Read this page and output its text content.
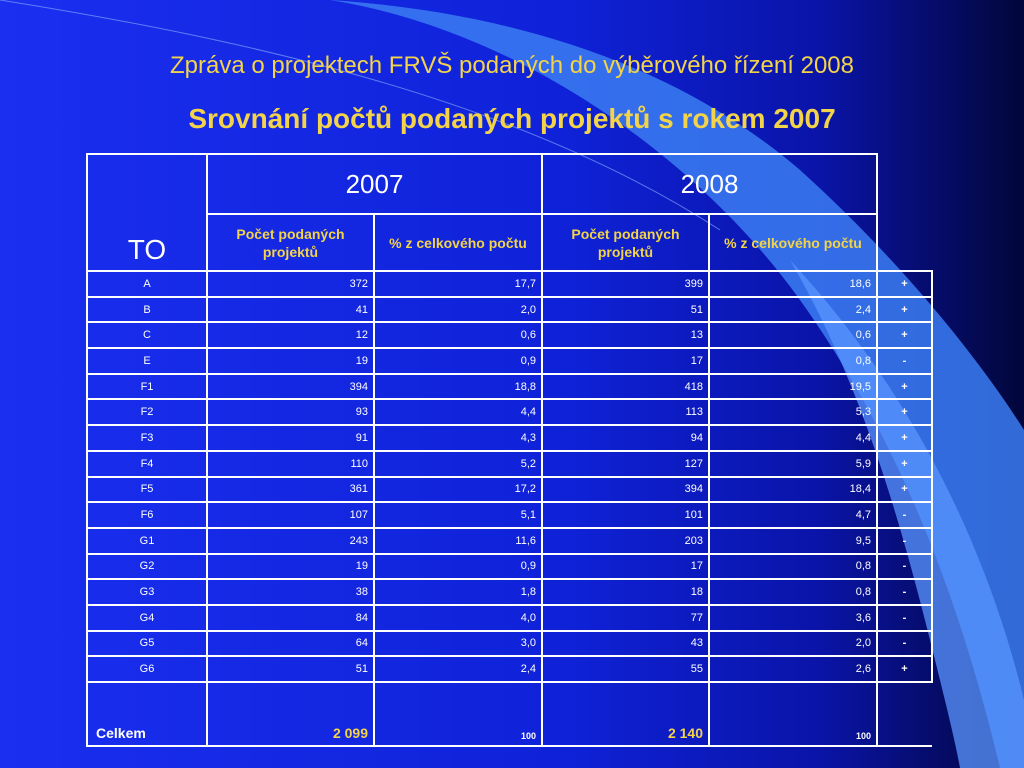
Zpráva o projektech FRVŠ podaných do výběrového řízení 2008
Srovnání počtů podaných projektů s rokem 2007
TO	2007		2008		
	Počet podaných projektů	% z celkového počtu	Počet podaných projektů	% z celkového počtu	
A	372	17,7	399	18,6	+
B	41	2,0	51	2,4	+
C	12	0,6	13	0,6	+
E	19	0,9	17	0,8	-
F1	394	18,8	418	19,5	+
F2	93	4,4	113	5,3	+
F3	91	4,3	94	4,4	+
F4	110	5,2	127	5,9	+
F5	361	17,2	394	18,4	+
F6	107	5,1	101	4,7	-
G1	243	11,6	203	9,5	-
G2	19	0,9	17	0,8	-
G3	38	1,8	18	0,8	-
G4	84	4,0	77	3,6	-
G5	64	3,0	43	2,0	-
G6	51	2,4	55	2,6	+
Celkem	2 099	100	2 140	100	
